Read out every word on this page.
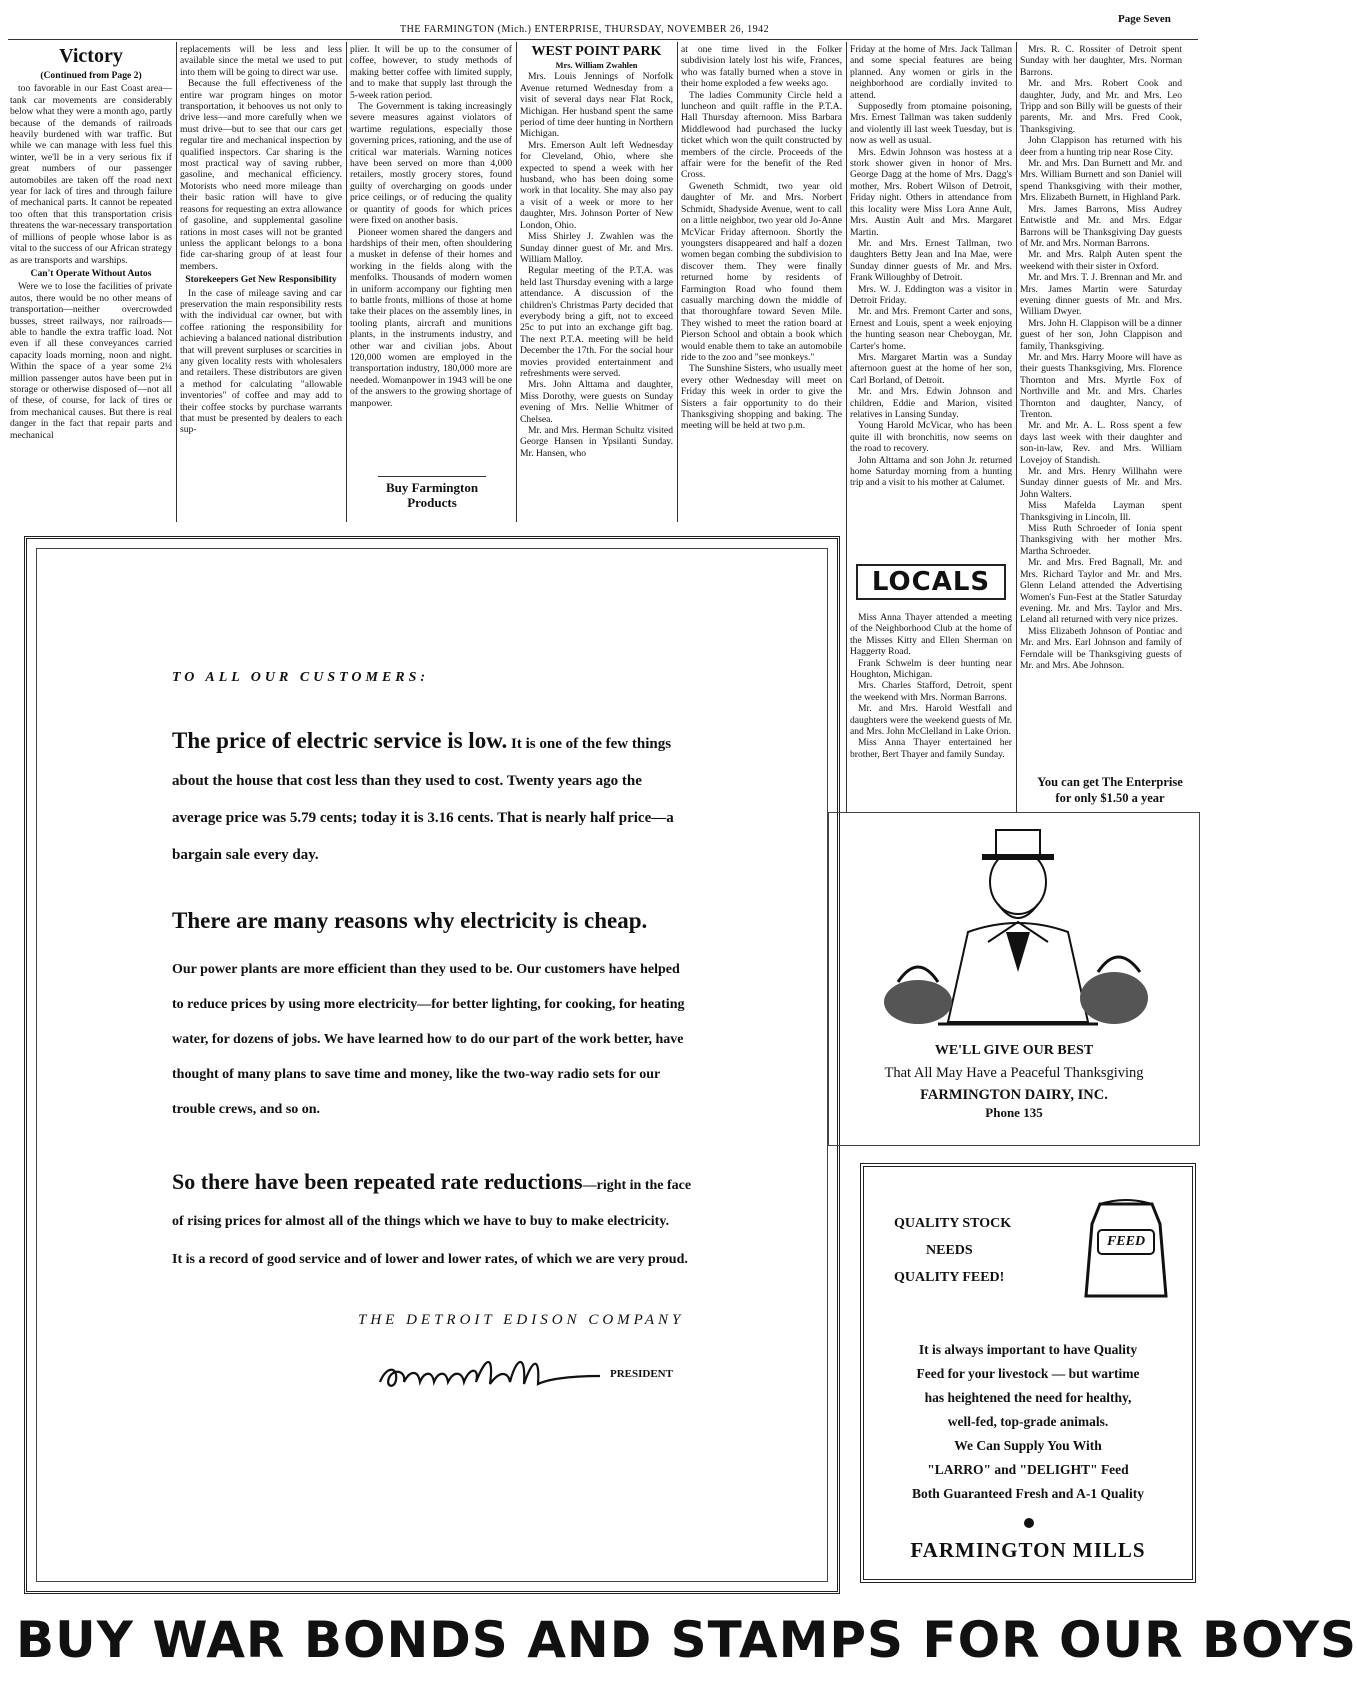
THE FARMINGTON (Mich.) ENTERPRISE, THURSDAY, NOVEMBER 26, 1942
Page Seven
Victory
(Continued from Page 2)

too favorable in our East Coast area—tank car movements are considerably below what they were a month ago, partly because of the demands of railroads heavily burdened with war traffic. But while we can manage with less fuel this winter, we'll be in a very serious fix if great numbers of our passenger automobiles are taken off the road next year for lack of tires and through failure of mechanical parts. It cannot be repeated too often that this transportation crisis threatens the war-necessary transportation of millions of people whose labor is as vital to the success of our African strategy as are transports and warships.

Can't Operate Without Autos

Were we to lose the facilities of private autos, there would be no other means of transportation—neither overcrowded busses, street railways, nor railroads—able to handle the extra traffic load. Not even if all these conveyances carried capacity loads morning, noon and night. Within the space of a year some 2¼ million passenger autos have been put in storage or otherwise disposed of—not all of these, of course, for lack of tires or from mechanical causes. But there is real danger in the fact that repair parts and mechanical

replacements will be less and less available since the metal we used to put into them will be going to direct war use.

Because the full effectiveness of the entire war program hinges on motor transportation, it behooves us not only to drive less—and more carefully when we must drive—but to see that our cars get regular tire and mechanical inspection by qualified inspectors. Car sharing is the most practical way of saving rubber, gasoline, and mechanical efficiency. Motorists who need more mileage than their basic ration will have to give reasons for requesting an extra allowance of gasoline, and supplemental gasoline rations in most cases will not be granted unless the applicant belongs to a bona fide car-sharing group of at least four members.

Storekeepers Get New Responsibility

In the case of mileage saving and car preservation the main responsibility rests with the individual car owner, but with coffee rationing the responsibility for achieving a balanced national distribution that will prevent surpluses or scarcities in any given locality rests with wholesalers and retailers. These distributors are given a method for calculating "allowable inventories" of coffee and may add to their coffee stocks by purchase warrants that must be presented by dealers to each sup-

plier. It will be up to the consumer of coffee, however, to study methods of making better coffee with limited supply, and to make that supply last through the 5-week ration period.

The Government is taking increasingly severe measures against violators of wartime regulations, especially those governing prices, rationing, and the use of critical war materials. Warning notices have been served on more than 4,000 retailers, mostly grocery stores, found guilty of overcharging on goods under price ceilings, or of reducing the quality or quantity of goods for which prices were fixed on another basis.

Pioneer women shared the dangers and hardships of their men, often shouldering a musket in defense of their homes and working in the fields along with the menfolks. Thousands of modern women in uniform accompany our fighting men to battle fronts, millions of those at home take their places on the assembly lines, in tooling plants, aircraft and munitions plants, in the instruments industry, and other war and civilian jobs. About 120,000 women are employed in the transportation industry, 180,000 more are needed. Womanpower in 1943 will be one of the answers to the growing shortage of manpower.

Buy Farmington Products
WEST POINT PARK
Mrs. William Zwahlen

Mrs. Louis Jennings of Norfolk Avenue returned Wednesday from a visit of several days near Flat Rock, Michigan. Her husband spent the same period of time deer hunting in Northern Michigan.

Mrs. Emerson Ault left Wednesday for Cleveland, Ohio, where she expected to spend a week with her husband, who has been doing some work in that locality. She may also pay a visit of a week or more to her daughter, Mrs. Johnson Porter of New London, Ohio.

Miss Shirley J. Zwahlen was the Sunday dinner guest of Mr. and Mrs. William Malloy.

Regular meeting of the P.T.A. was held last Thursday evening with a large attendance. A discussion of the children's Christmas Party decided that everybody bring a gift, not to exceed 25c to put into an exchange gift bag. The next P.T.A. meeting will be held December the 17th. For the social hour movies provided entertainment and refreshments were served.

Mrs. John Alttama and daughter, Miss Dorothy, were guests on Sunday evening of Mrs. Nellie Whitmer of Chelsea.

Mr. and Mrs. Herman Schultz visited George Hansen in Ypsilanti Sunday. Mr. Hansen, who

at one time lived in the Folker subdivision lately lost his wife, Frances, who was fatally burned when a stove in their home exploded a few weeks ago.

The ladies Community Circle held a luncheon and quilt raffle in the P.T.A. Hall Thursday afternoon. Miss Barbara Middlewood had purchased the lucky ticket which won the quilt constructed by members of the circle. Proceeds of the affair were for the benefit of the Red Cross.

Gweneth Schmidt, two year old daughter of Mr. and Mrs. Norbert Schmidt, Shadyside Avenue, went to call on a little neighbor, two year old Jo-Anne McVicar Friday afternoon. Shortly the youngsters disappeared and half a dozen women began combing the subdivision to discover them. They were finally returned home by residents of Farmington Road who found them casually marching down the middle of that thoroughfare toward Seven Mile. They wished to meet the ration board at Pierson School and obtain a book which would enable them to take an automobile ride to the zoo and "see monkeys."

The Sunshine Sisters, who usually meet every other Wednesday will meet on Friday this week in order to give the Sisters a fair opportunity to do their Thanksgiving shopping and baking. The meeting will be held at two p.m.

Friday at the home of Mrs. Jack Tallman and some special features are being planned. Any women or girls in the neighborhood are cordially invited to attend.

Supposedly from ptomaine poisoning, Mrs. Ernest Tallman was taken suddenly and violently ill last week Tuesday, but is now as well as usual.

Mrs. Edwin Johnson was hostess at a stork shower given in honor of Mrs. George Dagg at the home of Mrs. Dagg's mother, Mrs. Robert Wilson of Detroit, Friday night. Others in attendance from this locality were Miss Lora Anne Ault, Mrs. Austin Ault and Mrs. Margaret Martin.

Mr. and Mrs. Ernest Tallman, two daughters Betty Jean and Ina Mae, were Sunday dinner guests of Mr. and Mrs. Frank Willoughby of Detroit.

Mrs. W. J. Eddington was a visitor in Detroit Friday.

Mr. and Mrs. Fremont Carter and sons, Ernest and Louis, spent a week enjoying the hunting season near Cheboygan, Mr. Carter's home.

Mrs. Margaret Martin was a Sunday afternoon guest at the home of her son, Carl Borland, of Detroit.

Mr. and Mrs. Edwin Johnson and children, Eddie and Marion, visited relatives in Lansing Sunday.

Young Harold McVicar, who has been quite ill with bronchitis, now seems on the road to recovery.

John Alttama and son John Jr. returned home Saturday morning from a hunting trip and a visit to his mother at Calumet.

LOCALS

Miss Anna Thayer attended a meeting of the Neighborhood Club at the home of the Misses Kitty and Ellen Sherman on Haggerty Road.

Frank Schwelm is deer hunting near Houghton, Michigan.

Mrs. Charles Stafford, Detroit, spent the weekend with Mrs. Norman Barrons.

Mr. and Mrs. Harold Westfall and daughters were the weekend guests of Mr. and Mrs. John McClelland in Lake Orion.

Miss Anna Thayer entertained her brother, Bert Thayer and family Sunday.

Mrs. R. C. Rossiter of Detroit spent Sunday with her daughter, Mrs. Norman Barrons.

Mr. and Mrs. Robert Cook and daughter, Judy, and Mr. and Mrs. Leo Tripp and son Billy will be guests of their parents, Mr. and Mrs. Fred Cook, Thanksgiving.

John Clappison has returned with his deer from a hunting trip near Rose City.

Mr. and Mrs. Dan Burnett and Mr. and Mrs. William Burnett and son Daniel will spend Thanksgiving with their mother, Mrs. Elizabeth Burnett, in Highland Park.

Mrs. James Barrons, Miss Audrey Entwistle and Mr. and Mrs. Edgar Barrons will be Thanksgiving Day guests of Mr. and Mrs. Norman Barrons.

Mr. and Mrs. Ralph Auten spent the weekend with their sister in Oxford.

Mr. and Mrs. T. J. Brennan and Mr. and Mrs. James Martin were Saturday evening dinner guests of Mr. and Mrs. William Dwyer.

Mrs. John H. Clappison will be a dinner guest of her son, John Clappison and family, Thanksgiving.

Mr. and Mrs. Harry Moore will have as their guests Thanksgiving, Mrs. Florence Thornton and Mrs. Myrtle Fox of Northville and Mr. and Mrs. Charles Thornton and daughter, Nancy, of Trenton.

Mr. and Mr. A. L. Ross spent a few days last week with their daughter and son-in-law, Rev. and Mrs. William Lovejoy of Standish.

Mr. and Mrs. Henry Willhahn were Sunday dinner guests of Mr. and Mrs. John Walters.

Miss Mafelda Layman spent Thanksgiving in Lincoln, Ill.

Miss Ruth Schroeder of Ionia spent Thanksgiving with her mother Mrs. Martha Schroeder.

Mr. and Mrs. Fred Bagnall, Mr. and Mrs. Richard Taylor and Mr. and Mrs. Glenn Leland attended the Advertising Women's Fun-Fest at the Statler Saturday evening. Mr. and Mrs. Taylor and Mrs. Leland all returned with very nice prizes.

Miss Elizabeth Johnson of Pontiac and Mr. and Mrs. Earl Johnson and family of Ferndale will be Thanksgiving guests of Mr. and Mrs. Abe Johnson.

You can get The Enterprise for only $1.50 a year
TO ALL OUR CUSTOMERS:
The price of electric service is low. It is one of the few things about the house that cost less than they used to cost. Twenty years ago the average price was 5.79 cents; today it is 3.16 cents. That is nearly half price—a bargain sale every day.
There are many reasons why electricity is cheap.
Our power plants are more efficient than they used to be. Our customers have helped to reduce prices by using more electricity—for better lighting, for cooking, for heating water, for dozens of jobs. We have learned how to do our part of the work better, have thought of many plans to save time and money, like the two-way radio sets for our trouble crews, and so on.
So there have been repeated rate reductions—right in the face of rising prices for almost all of the things which we have to buy to make electricity.
It is a record of good service and of lower and lower rates, of which we are very proud.
THE DETROIT EDISON COMPANY
PRESIDENT
WE'LL GIVE OUR BEST
That All May Have a Peaceful Thanksgiving
FARMINGTON DAIRY, INC.
Phone 135
QUALITY STOCK
NEEDS
QUALITY FEED!
FEED
It is always important to have Quality
Feed for your livestock — but wartime
has heightened the need for healthy,
well-fed, top-grade animals.
We Can Supply You With
"LARRO" and "DELIGHT" Feed
Both Guaranteed Fresh and A-1 Quality
FARMINGTON MILLS
BUY WAR BONDS AND STAMPS FOR OUR BOYS
